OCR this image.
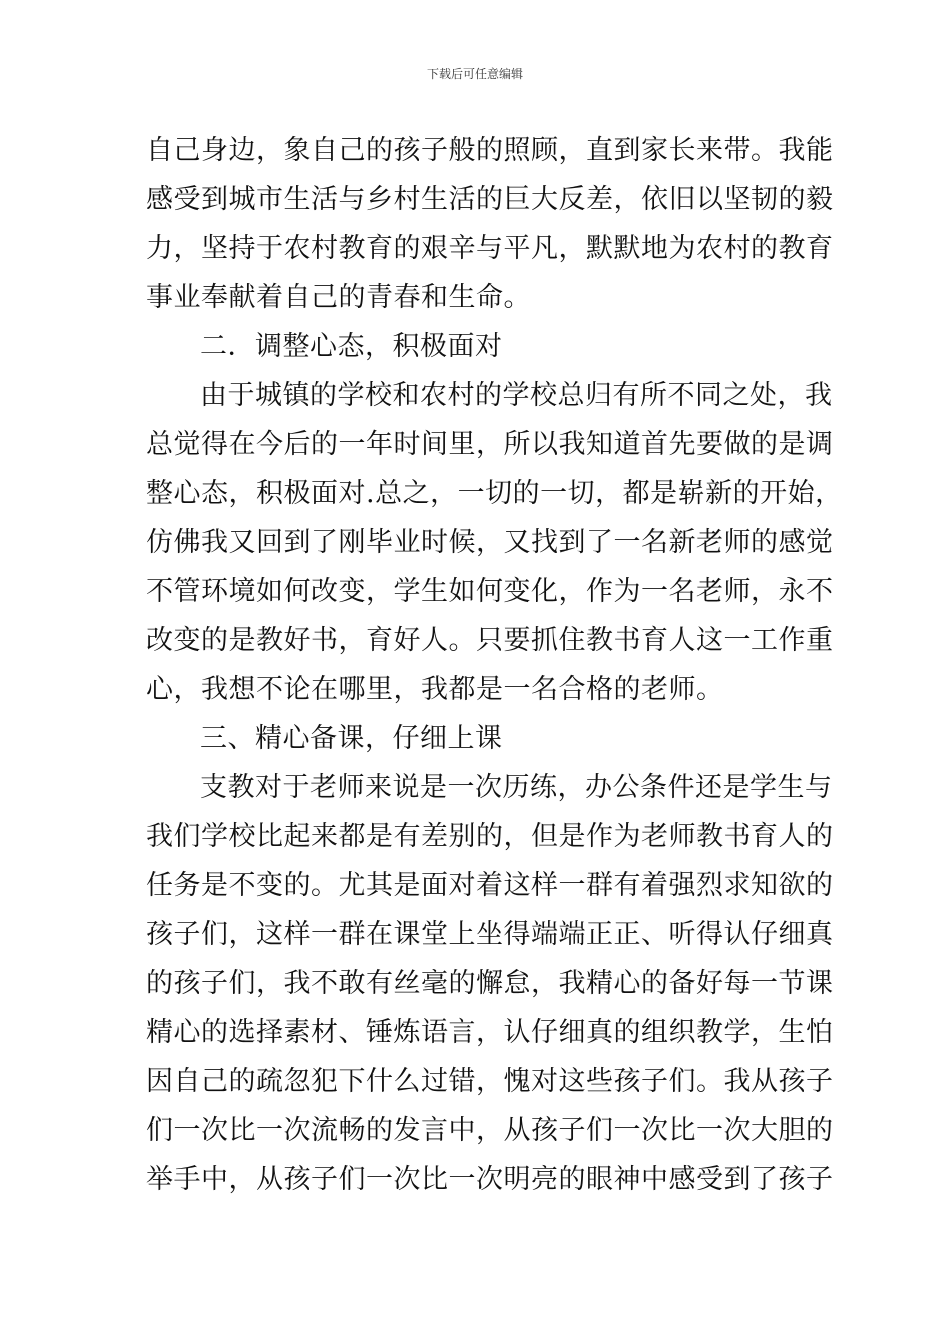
下载后可任意编辑
自己身边，象自己的孩子般的照顾，直到家长来带。我能
感受到城市生活与乡村生活的巨大反差，依旧以坚韧的毅
力，坚持于农村教育的艰辛与平凡，默默地为农村的教育
事业奉献着自己的青春和生命。
二．调整心态，积极面对
由于城镇的学校和农村的学校总归有所不同之处，我
总觉得在今后的一年时间里，所以我知道首先要做的是调
整心态，积极面对.总之，一切的一切，都是崭新的开始，
仿佛我又回到了刚毕业时候，又找到了一名新老师的感觉
不管环境如何改变，学生如何变化，作为一名老师，永不
改变的是教好书，育好人。只要抓住教书育人这一工作重
心，我想不论在哪里，我都是一名合格的老师。
三、精心备课，仔细上课
支教对于老师来说是一次历练，办公条件还是学生与
我们学校比起来都是有差别的，但是作为老师教书育人的
任务是不变的。尤其是面对着这样一群有着强烈求知欲的
孩子们，这样一群在课堂上坐得端端正正、听得认仔细真
的孩子们，我不敢有丝毫的懈怠，我精心的备好每一节课
精心的选择素材、锤炼语言，认仔细真的组织教学，生怕
因自己的疏忽犯下什么过错，愧对这些孩子们。我从孩子
们一次比一次流畅的发言中，从孩子们一次比一次大胆的
举手中，从孩子们一次比一次明亮的眼神中感受到了孩子
